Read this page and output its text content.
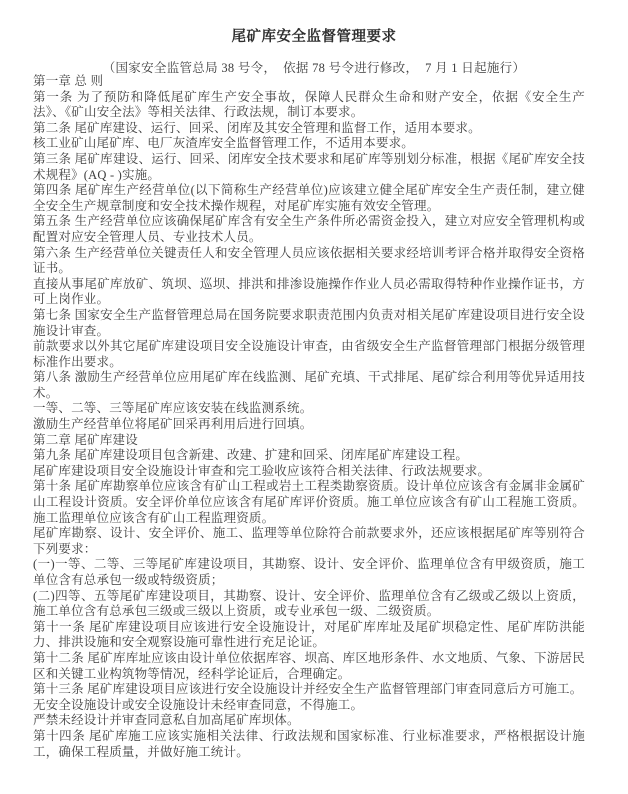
尾矿库安全监督管理要求
（国家安全监管总局 38 号令，  依据 78 号令进行修改，  7 月 1 日起施行）

第一章 总 则

第一条 为了预防和降低尾矿库生产安全事故，保障人民群众生命和财产安全，依据《安全生产法》、《矿山安全法》等相关法律、行政法规，制订本要求。

第二条 尾矿库建设、运行、回采、闭库及其安全管理和监督工作，适用本要求。

核工业矿山尾矿库、电厂灰渣库安全监督管理工作，不适用本要求。

第三条 尾矿库建设、运行、回采、闭库安全技术要求和尾矿库等别划分标准，根据《尾矿库安全技术规程》(AQ - )实施。

第四条 尾矿库生产经营单位(以下简称生产经营单位)应该建立健全尾矿库安全生产责任制，建立健全安全生产规章制度和安全技术操作规程，对尾矿库实施有效安全管理。

第五条 生产经营单位应该确保尾矿库含有安全生产条件所必需资金投入，建立对应安全管理机构或配置对应安全管理人员、专业技术人员。

第六条 生产经营单位关键责任人和安全管理人员应该依据相关要求经培训考评合格并取得安全资格证书。

直接从事尾矿库放矿、筑坝、巡坝、排洪和排渗设施操作作业人员必需取得特种作业操作证书，方可上岗作业。

第七条 国家安全生产监督管理总局在国务院要求职责范围内负责对相关尾矿库建设项目进行安全设施设计审查。

前款要求以外其它尾矿库建设项目安全设施设计审查，由省级安全生产监督管理部门根据分级管理标准作出要求。

第八条 激励生产经营单位应用尾矿库在线监测、尾矿充填、干式排尾、尾矿综合利用等优异适用技术。

一等、二等、三等尾矿库应该安装在线监测系统。

激励生产经营单位将尾矿回采再利用后进行回填。

第二章 尾矿库建设

第九条 尾矿库建设项目包含新建、改建、扩建和回采、闭库尾矿库建设工程。

尾矿库建设项目安全设施设计审查和完工验收应该符合相关法律、行政法规要求。

第十条 尾矿库勘察单位应该含有矿山工程或岩土工程类勘察资质。设计单位应该含有金属非金属矿山工程设计资质。安全评价单位应该含有尾矿库评价资质。施工单位应该含有矿山工程施工资质。施工监理单位应该含有矿山工程监理资质。

尾矿库勘察、设计、安全评价、施工、监理等单位除符合前款要求外，还应该根据尾矿库等别符合下列要求：

(一)一等、二等、三等尾矿库建设项目，其勘察、设计、安全评价、监理单位含有甲级资质，施工单位含有总承包一级或特级资质；

(二)四等、五等尾矿库建设项目，其勘察、设计、安全评价、监理单位含有乙级或乙级以上资质，施工单位含有总承包三级或三级以上资质，或专业承包一级、二级资质。

第十一条 尾矿库建设项目应该进行安全设施设计，对尾矿库库址及尾矿坝稳定性、尾矿库防洪能力、排洪设施和安全观察设施可靠性进行充足论证。

第十二条 尾矿库库址应该由设计单位依据库容、坝高、库区地形条件、水文地质、气象、下游居民区和关键工业构筑物等情况，经科学论证后，合理确定。

第十三条 尾矿库建设项目应该进行安全设施设计并经安全生产监督管理部门审查同意后方可施工。

无安全设施设计或安全设施设计未经审查同意，不得施工。

严禁未经设计并审查同意私自加高尾矿库坝体。

第十四条 尾矿库施工应该实施相关法律、行政法规和国家标准、行业标准要求，严格根据设计施工，确保工程质量，并做好施工统计。
